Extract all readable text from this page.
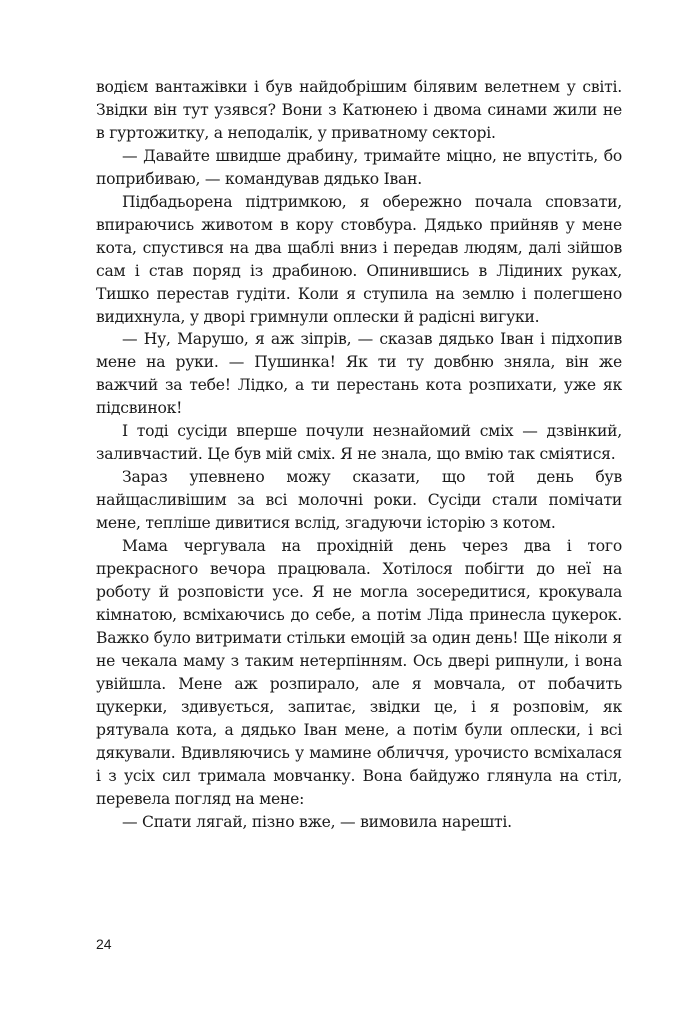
водієм вантажівки і був найдобрішим білявим велетнем у світі. Звідки він тут узявся? Вони з Катюнею і двома синами жили не в гуртожитку, а неподалік, у приватному секторі.

— Давайте швидше драбину, тримайте міцно, не впустіть, бо поприбиваю, — командував дядько Іван.

Підбадьорена підтримкою, я обережно почала сповзати, впираючись животом в кору стовбура. Дядько прийняв у мене кота, спустився на два щаблі вниз і передав людям, далі зійшов сам і став поряд із драбиною. Опинившись в Лідиних руках, Тишко перестав гудіти. Коли я ступила на землю і полегшено видихнула, у дворі гримнули оплески й радісні вигуки.

— Ну, Марушо, я аж зіпрів, — сказав дядько Іван і підхопив мене на руки. — Пушинка! Як ти ту довбню зняла, він же важчий за тебе! Лідко, а ти перестань кота розпихати, уже як підсвинок!

І тоді сусіди вперше почули незнайомий сміх — дзвінкий, заливчастий. Це був мій сміх. Я не знала, що вмію так сміятися.

Зараз упевнено можу сказати, що той день був найщасливішим за всі молочні роки. Сусіди стали помічати мене, тепліше дивитися вслід, згадуючи історію з котом.

Мама чергувала на прохідній день через два і того прекрасного вечора працювала. Хотілося побігти до неї на роботу й розповісти усе. Я не могла зосередитися, крокувала кімнатою, всміхаючись до себе, а потім Ліда принесла цукерок. Важко було витримати стільки емоцій за один день! Ще ніколи я не чекала маму з таким нетерпінням. Ось двері рипнули, і вона увійшла. Мене аж розпирало, але я мовчала, от побачить цукерки, здивується, запитає, звідки це, і я розповім, як рятувала кота, а дядько Іван мене, а потім були оплески, і всі дякували. Вдивляючись у мамине обличчя, урочисто всміхалася і з усіх сил тримала мовчанку. Вона байдужо глянула на стіл, перевела погляд на мене:

— Спати лягай, пізно вже, — вимовила нарешті.

24
